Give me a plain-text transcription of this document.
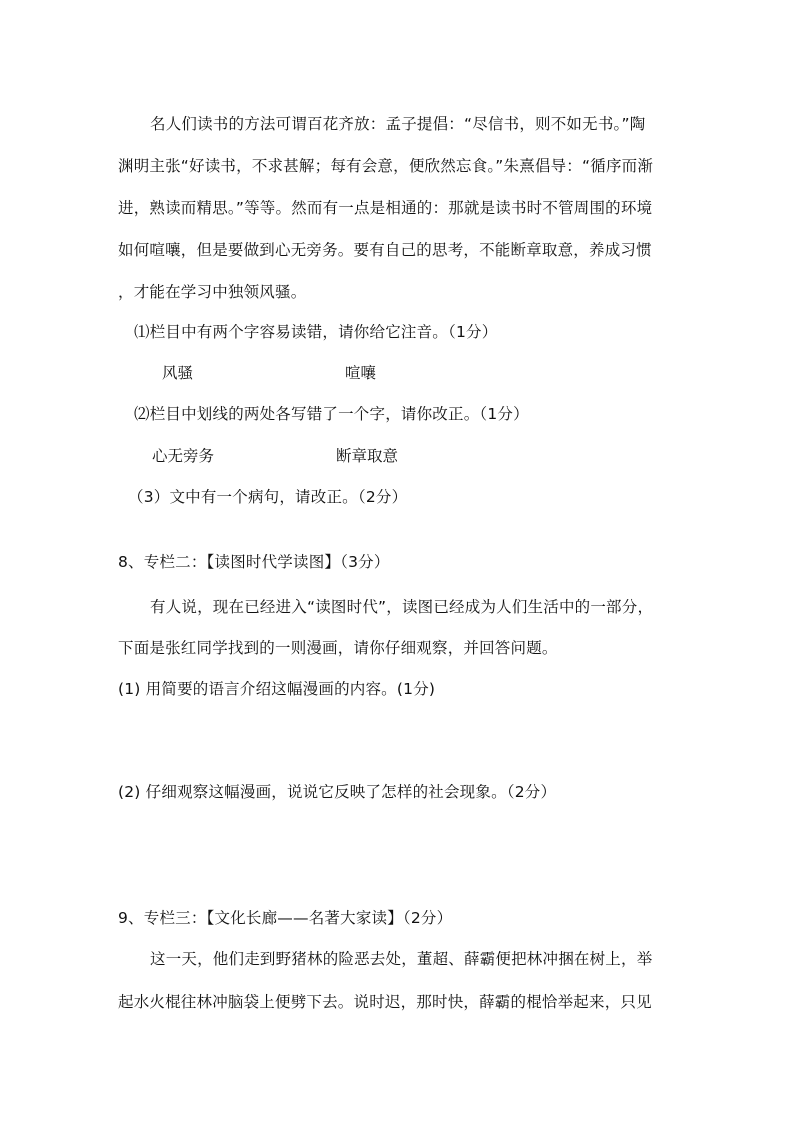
名人们读书的方法可谓百花齐放：孟子提倡：“尽信书，则不如无书。”陶
渊明主张“好读书，不求甚解；每有会意，便欣然忘食。”朱熹倡导：“循序而渐
进，熟读而精思。”等等。然而有一点是相通的：那就是读书时不管周围的环境
如何喧嚷，但是要做到心无旁务。要有自己的思考，不能断章取意，养成习惯
，才能在学习中独领风骚。
⑴栏目中有两个字容易读错，请你给它注音。（1分）
风骚	喧嚷
⑵栏目中划线的两处各写错了一个字，请你改正。（1分）
心无旁务	断章取意
（3）文中有一个病句，请改正。（2分）
8、专栏二：【读图时代学读图】（3分）
有人说，现在已经进入“读图时代”，读图已经成为人们生活中的一部分，
下面是张红同学找到的一则漫画，请你仔细观察，并回答问题。
(1) 用简要的语言介绍这幅漫画的内容。(1分)
(2) 仔细观察这幅漫画，说说它反映了怎样的社会现象。（2分）
9、专栏三：【文化长廊——名著大家读】（2分）
这一天，他们走到野猪林的险恶去处，董超、薛霸便把林冲捆在树上，举
起水火棍往林冲脑袋上便劈下去。说时迟，那时快，薛霸的棍恰举起来，只见
